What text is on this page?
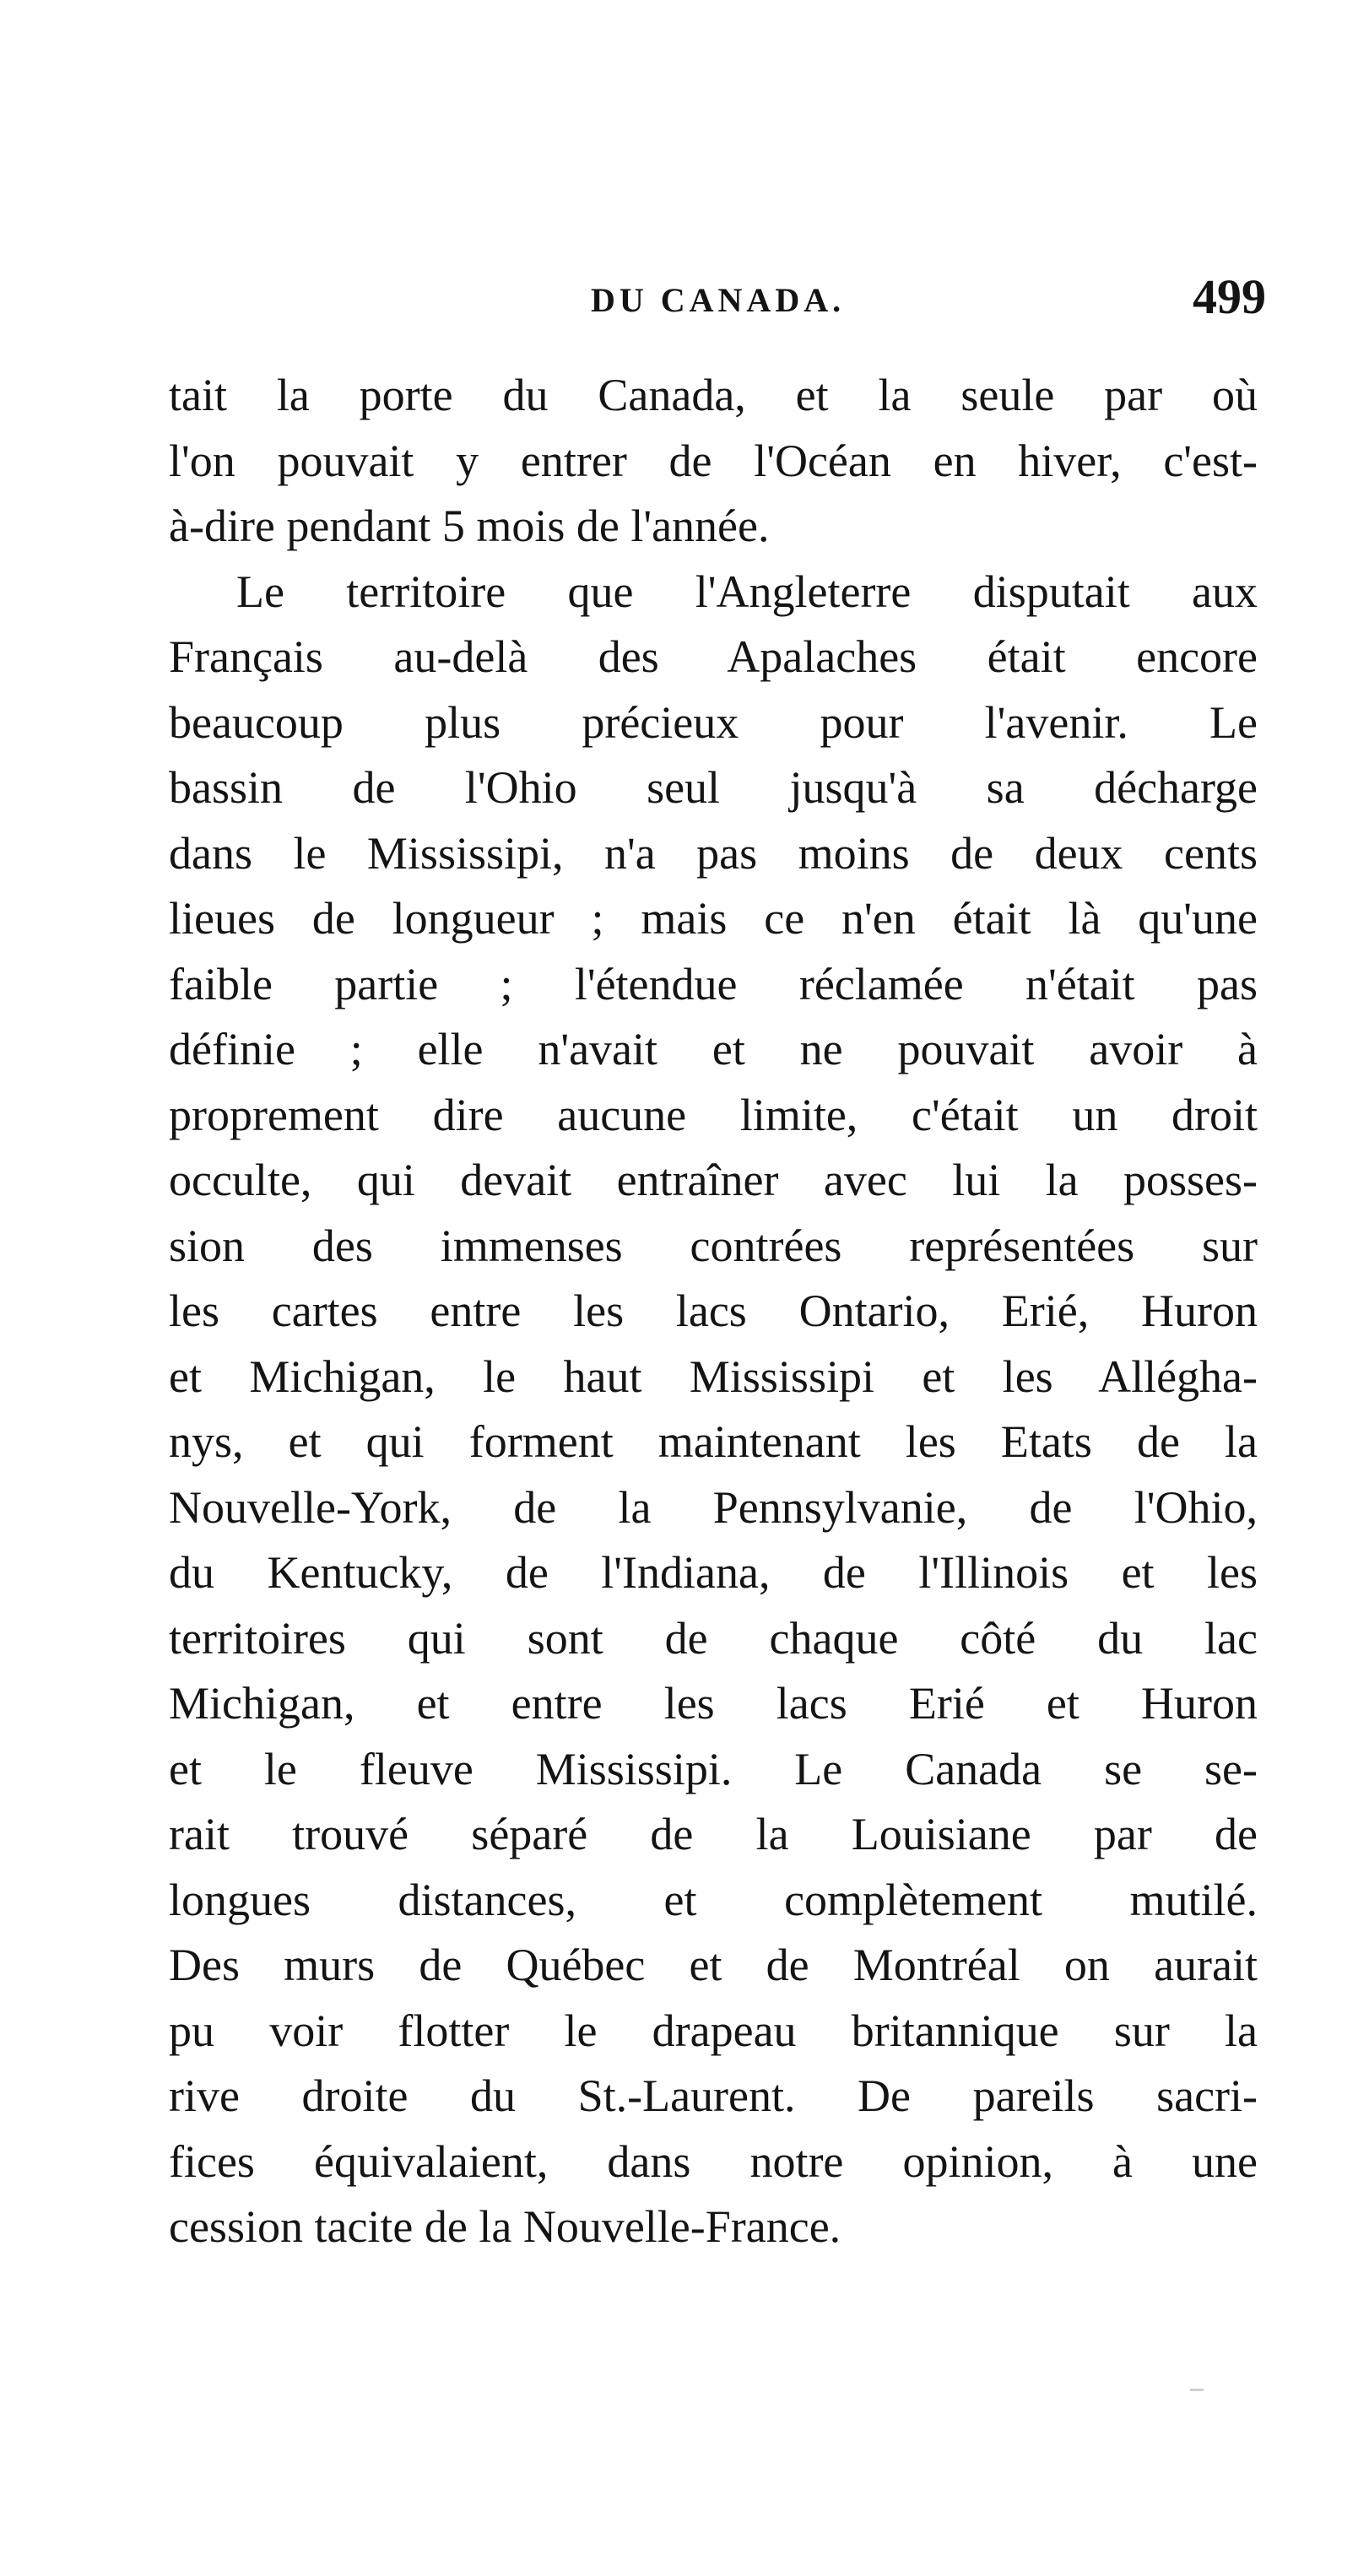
DU CANADA.	499
tait la porte du Canada, et la seule par où
l'on pouvait y entrer de l'Océan en hiver, c'est-
à-dire pendant 5 mois de l'année.
Le territoire que l'Angleterre disputait aux
Français au-delà des Apalaches était encore
beaucoup plus précieux pour l'avenir. Le
bassin de l'Ohio seul jusqu'à sa décharge
dans le Mississipi, n'a pas moins de deux cents
lieues de longueur ; mais ce n'en était là qu'une
faible partie ; l'étendue réclamée n'était pas
définie ; elle n'avait et ne pouvait avoir à
proprement dire aucune limite, c'était un droit
occulte, qui devait entraîner avec lui la posses-
sion des immenses contrées représentées sur
les cartes entre les lacs Ontario, Erié, Huron
et Michigan, le haut Mississipi et les Allégha-
nys, et qui forment maintenant les Etats de la
Nouvelle-York, de la Pennsylvanie, de l'Ohio,
du Kentucky, de l'Indiana, de l'Illinois et les
territoires qui sont de chaque côté du lac
Michigan, et entre les lacs Erié et Huron
et le fleuve Mississipi. Le Canada se se-
rait trouvé séparé de la Louisiane par de
longues distances, et complètement mutilé.
Des murs de Québec et de Montréal on aurait
pu voir flotter le drapeau britannique sur la
rive droite du St.-Laurent. De pareils sacri-
fices équivalaient, dans notre opinion, à une
cession tacite de la Nouvelle-France.
